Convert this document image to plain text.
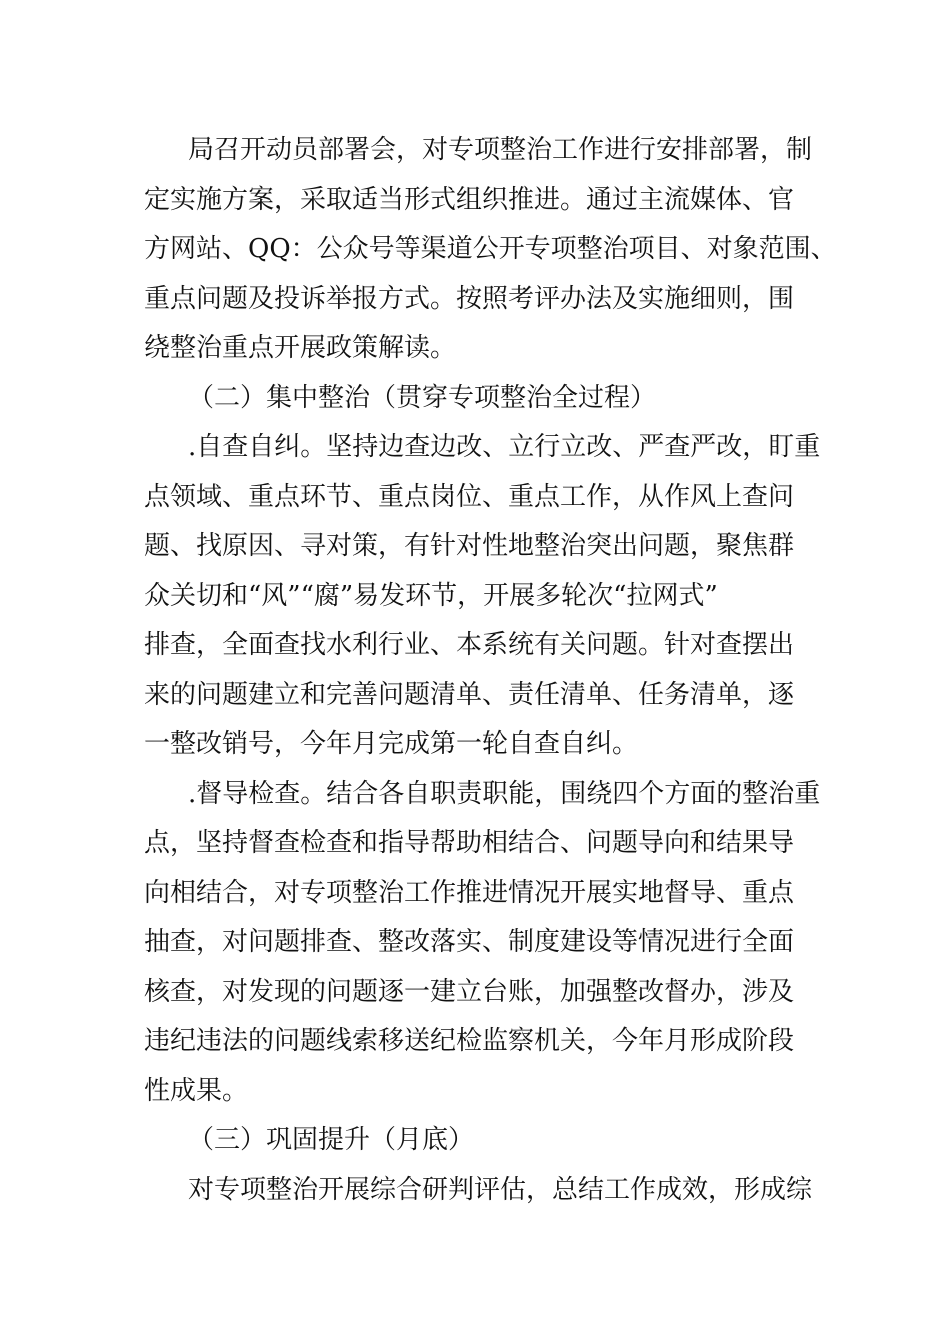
局召开动员部署会，对专项整治工作进行安排部署，制
定实施方案，采取适当形式组织推进。通过主流媒体、官
方网站、QQ：公众号等渠道公开专项整治项目、对象范围、
重点问题及投诉举报方式。按照考评办法及实施细则，围
绕整治重点开展政策解读。

（二）集中整治（贯穿专项整治全过程）

.自查自纠。坚持边查边改、立行立改、严查严改，盯重
点领域、重点环节、重点岗位、重点工作，从作风上查问
题、找原因、寻对策，有针对性地整治突出问题，聚焦群
众关切和“风”“腐”易发环节，开展多轮次“拉网式”
排查，全面查找水利行业、本系统有关问题。针对查摆出
来的问题建立和完善问题清单、责任清单、任务清单，逐
一整改销号，今年月完成第一轮自查自纠。

.督导检查。结合各自职责职能，围绕四个方面的整治重
点，坚持督查检查和指导帮助相结合、问题导向和结果导
向相结合，对专项整治工作推进情况开展实地督导、重点
抽查，对问题排查、整改落实、制度建设等情况进行全面
核查，对发现的问题逐一建立台账，加强整改督办，涉及
违纪违法的问题线索移送纪检监察机关，今年月形成阶段
性成果。

（三）巩固提升（月底）

对专项整治开展综合研判评估，总结工作成效，形成综
